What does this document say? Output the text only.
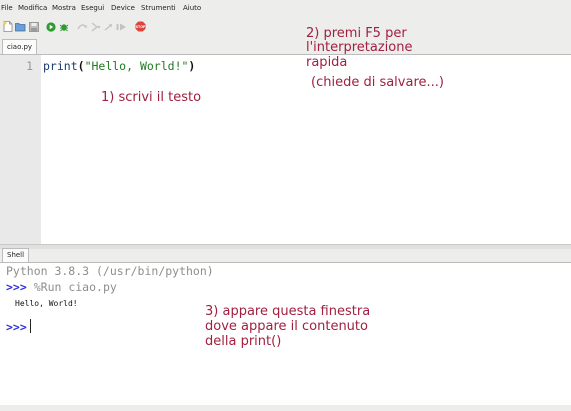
File Modifica Mostra Esegui Device Strumenti Aiuto
STOP
ciao.py
1 print("Hello, World!")
Shell
Python 3.8.3 (/usr/bin/python)
>>> %Run ciao.py
Hello, World!
>>>
1) scrivi il testo
2) premi F5 per
l'interpretazione
rapida
(chiede di salvare...)
3) appare questa finestra
dove appare il contenuto
della print()
